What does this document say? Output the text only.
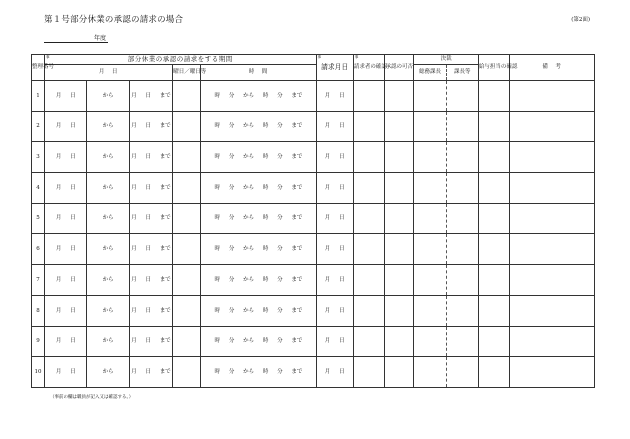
第１号部分休業の承認の請求の場合	(第2面)
年度
整理番号	事 部分休業の承認の請求をする期間					事
請求月日	事
請求者の確認	承認の可否	決裁		給与担当の確認	備　考
	月　日			曜日／曜日等	時　間				総務課長	課長等		
1	月 日	から	月 日 まで		時 分 から 時 分 まで	月 日						
2	月 日	から	月 日 まで		時 分 から 時 分 まで	月 日						
3	月 日	から	月 日 まで		時 分 から 時 分 まで	月 日						
4	月 日	から	月 日 まで		時 分 から 時 分 まで	月 日						
5	月 日	から	月 日 まで		時 分 から 時 分 まで	月 日						
6	月 日	から	月 日 まで		時 分 から 時 分 まで	月 日						
7	月 日	から	月 日 まで		時 分 から 時 分 まで	月 日						
8	月 日	から	月 日 まで		時 分 から 時 分 まで	月 日						
9	月 日	から	月 日 まで		時 分 から 時 分 まで	月 日						
10	月 日	から	月 日 まで		時 分 から 時 分 まで	月 日						
（事前の欄は職員が記入又は確認する。）
